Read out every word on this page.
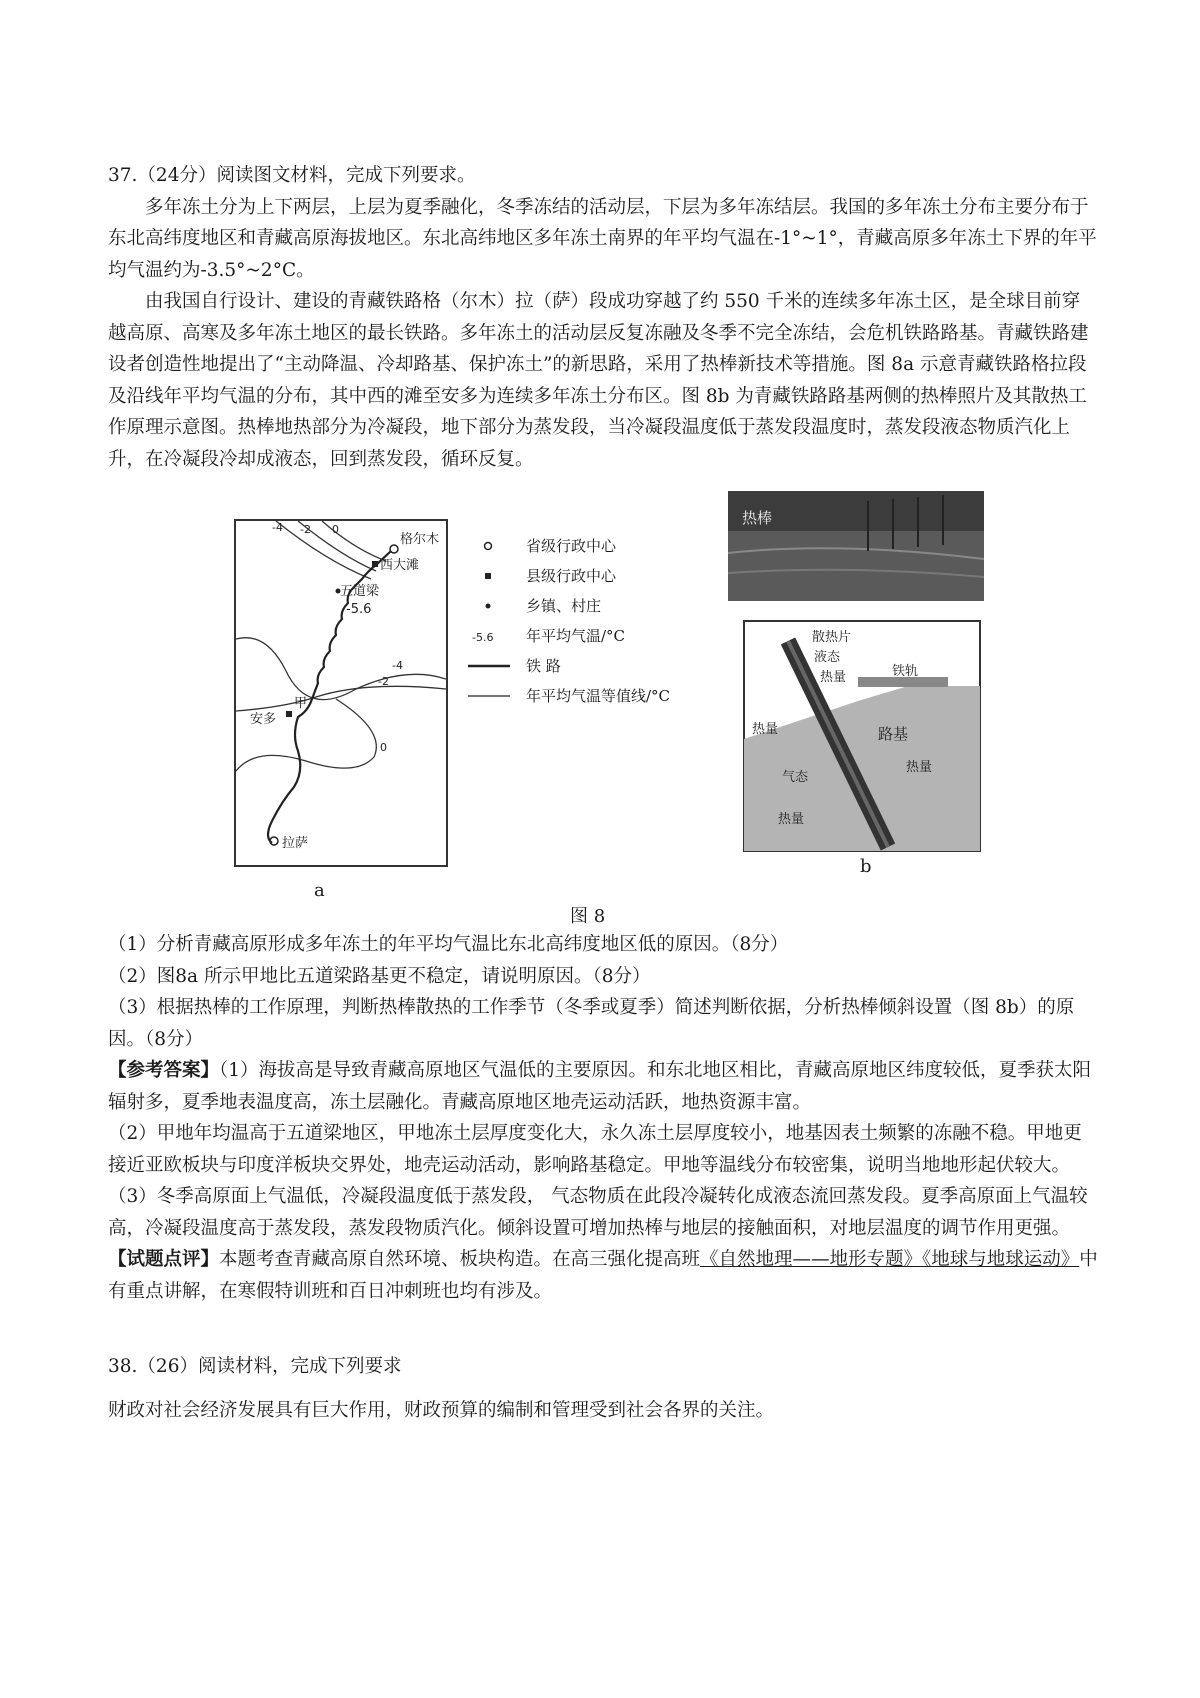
37.（24分）阅读图文材料，完成下列要求。

多年冻土分为上下两层，上层为夏季融化，冬季冻结的活动层，下层为多年冻结层。我国的多年冻土分布主要分布于东北高纬度地区和青藏高原海拔地区。东北高纬地区多年冻土南界的年平均气温在-1°~1°，青藏高原多年冻土下界的年平均气温约为-3.5°~2°C。

由我国自行设计、建设的青藏铁路格（尔木）拉（萨）段成功穿越了约 550 千米的连续多年冻土区，是全球目前穿越高原、高寒及多年冻土地区的最长铁路。多年冻土的活动层反复冻融及冬季不完全冻结，会危机铁路路基。青藏铁路建设者创造性地提出了“主动降温、冷却路基、保护冻土”的新思路，采用了热棒新技术等措施。图 8a 示意青藏铁路格拉段及沿线年平均气温的分布，其中西的滩至安多为连续多年冻土分布区。图 8b 为青藏铁路路基两侧的热棒照片及其散热工作原理示意图。热棒地热部分为冷凝段，地下部分为蒸发段，当冷凝段温度低于蒸发段温度时，蒸发段液态物质汽化上升，在冷凝段冷却成液态，回到蒸发段，循环反复。

格尔木
西大滩
五道梁
-5.6
甲
安多
拉萨
-4 -2 0
-4
-2
0
省级行政中心
县级行政中心
乡镇、村庄
-5.6 年平均气温/°C
铁 路
年平均气温等值线/°C
热棒
散热片
液态
热量	铁轨
热量	路基
气态
热量
热量
a
b
图 8

（1）分析青藏高原形成多年冻土的年平均气温比东北高纬度地区低的原因。（8分）

（2）图8a 所示甲地比五道梁路基更不稳定，请说明原因。（8分）

（3）根据热棒的工作原理，判断热棒散热的工作季节（冬季或夏季）简述判断依据，分析热棒倾斜设置（图 8b）的原因。（8分）

【参考答案】（1）海拔高是导致青藏高原地区气温低的主要原因。和东北地区相比，青藏高原地区纬度较低，夏季获太阳辐射多，夏季地表温度高，冻土层融化。青藏高原地区地壳运动活跃，地热资源丰富。

（2）甲地年均温高于五道梁地区，甲地冻土层厚度变化大，永久冻土层厚度较小，地基因表土频繁的冻融不稳。甲地更接近亚欧板块与印度洋板块交界处，地壳运动活动，影响路基稳定。甲地等温线分布较密集，说明当地地形起伏较大。

（3）冬季高原面上气温低，冷凝段温度低于蒸发段， 气态物质在此段冷凝转化成液态流回蒸发段。夏季高原面上气温较高，冷凝段温度高于蒸发段，蒸发段物质汽化。倾斜设置可增加热棒与地层的接触面积，对地层温度的调节作用更强。

【试题点评】本题考查青藏高原自然环境、板块构造。在高三强化提高班《自然地理——地形专题》《地球与地球运动》中有重点讲解，在寒假特训班和百日冲刺班也均有涉及。

38.（26）阅读材料，完成下列要求

财政对社会经济发展具有巨大作用，财政预算的编制和管理受到社会各界的关注。
